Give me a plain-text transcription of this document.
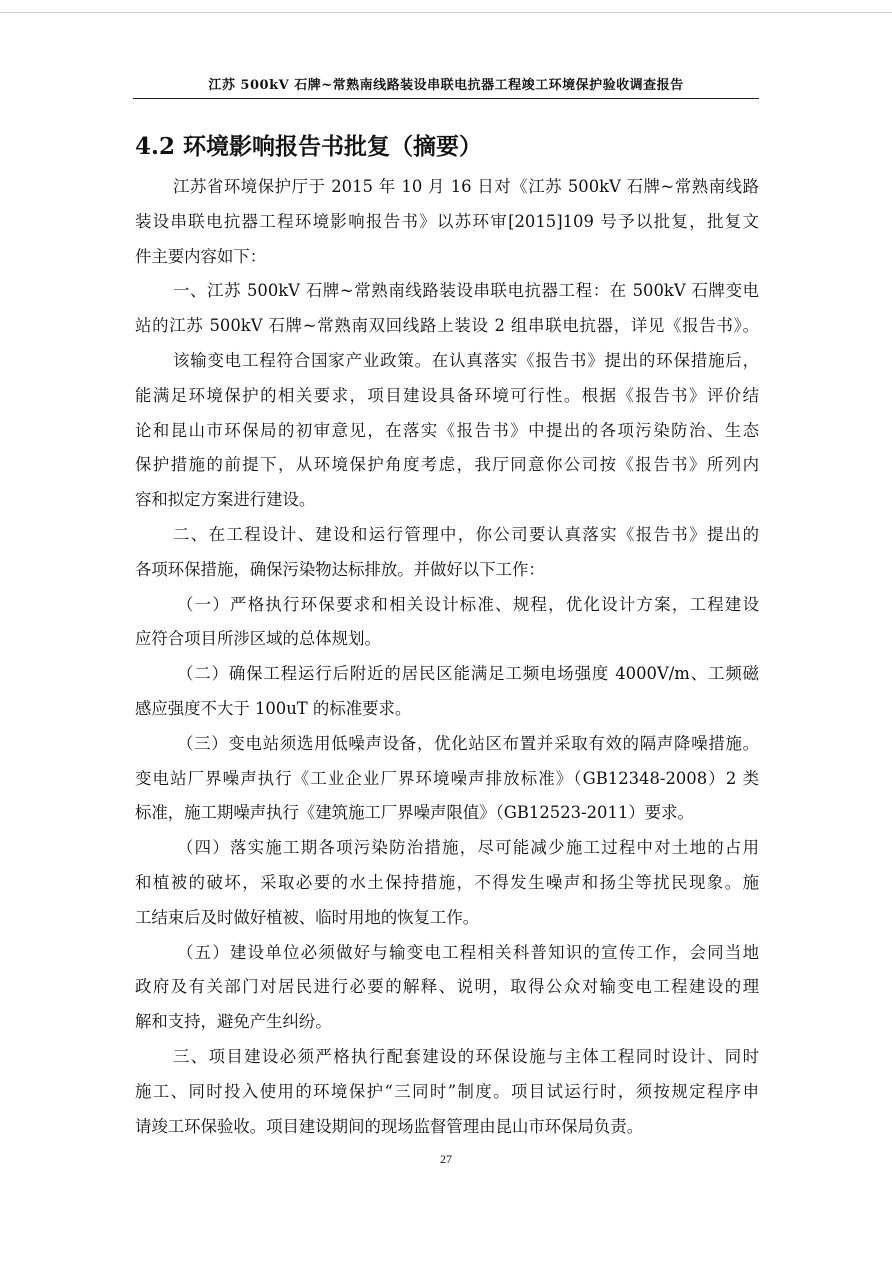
江苏 500kV 石牌~常熟南线路装设串联电抗器工程竣工环境保护验收调查报告
4.2 环境影响报告书批复（摘要）
江苏省环境保护厅于 2015 年 10 月 16 日对《江苏 500kV 石牌~常熟南线路
装设串联电抗器工程环境影响报告书》以苏环审[2015]109 号予以批复，批复文
件主要内容如下：
一、江苏 500kV 石牌~常熟南线路装设串联电抗器工程：在 500kV 石牌变电
站的江苏 500kV 石牌~常熟南双回线路上装设 2 组串联电抗器，详见《报告书》。
该输变电工程符合国家产业政策。在认真落实《报告书》提出的环保措施后，
能满足环境保护的相关要求，项目建设具备环境可行性。根据《报告书》评价结
论和昆山市环保局的初审意见，在落实《报告书》中提出的各项污染防治、生态
保护措施的前提下，从环境保护角度考虑，我厅同意你公司按《报告书》所列内
容和拟定方案进行建设。
二、在工程设计、建设和运行管理中，你公司要认真落实《报告书》提出的
各项环保措施，确保污染物达标排放。并做好以下工作：
（一）严格执行环保要求和相关设计标准、规程，优化设计方案，工程建设
应符合项目所涉区域的总体规划。
（二）确保工程运行后附近的居民区能满足工频电场强度 4000V/m、工频磁
感应强度不大于 100uT 的标准要求。
（三）变电站须选用低噪声设备，优化站区布置并采取有效的隔声降噪措施。
变电站厂界噪声执行《工业企业厂界环境噪声排放标准》（GB12348-2008）2 类
标准，施工期噪声执行《建筑施工厂界噪声限值》（GB12523-2011）要求。
（四）落实施工期各项污染防治措施，尽可能减少施工过程中对土地的占用
和植被的破坏，采取必要的水土保持措施，不得发生噪声和扬尘等扰民现象。施
工结束后及时做好植被、临时用地的恢复工作。
（五）建设单位必须做好与输变电工程相关科普知识的宣传工作，会同当地
政府及有关部门对居民进行必要的解释、说明，取得公众对输变电工程建设的理
解和支持，避免产生纠纷。
三、项目建设必须严格执行配套建设的环保设施与主体工程同时设计、同时
施工、同时投入使用的环境保护“三同时”制度。项目试运行时，须按规定程序申
请竣工环保验收。项目建设期间的现场监督管理由昆山市环保局负责。
27
